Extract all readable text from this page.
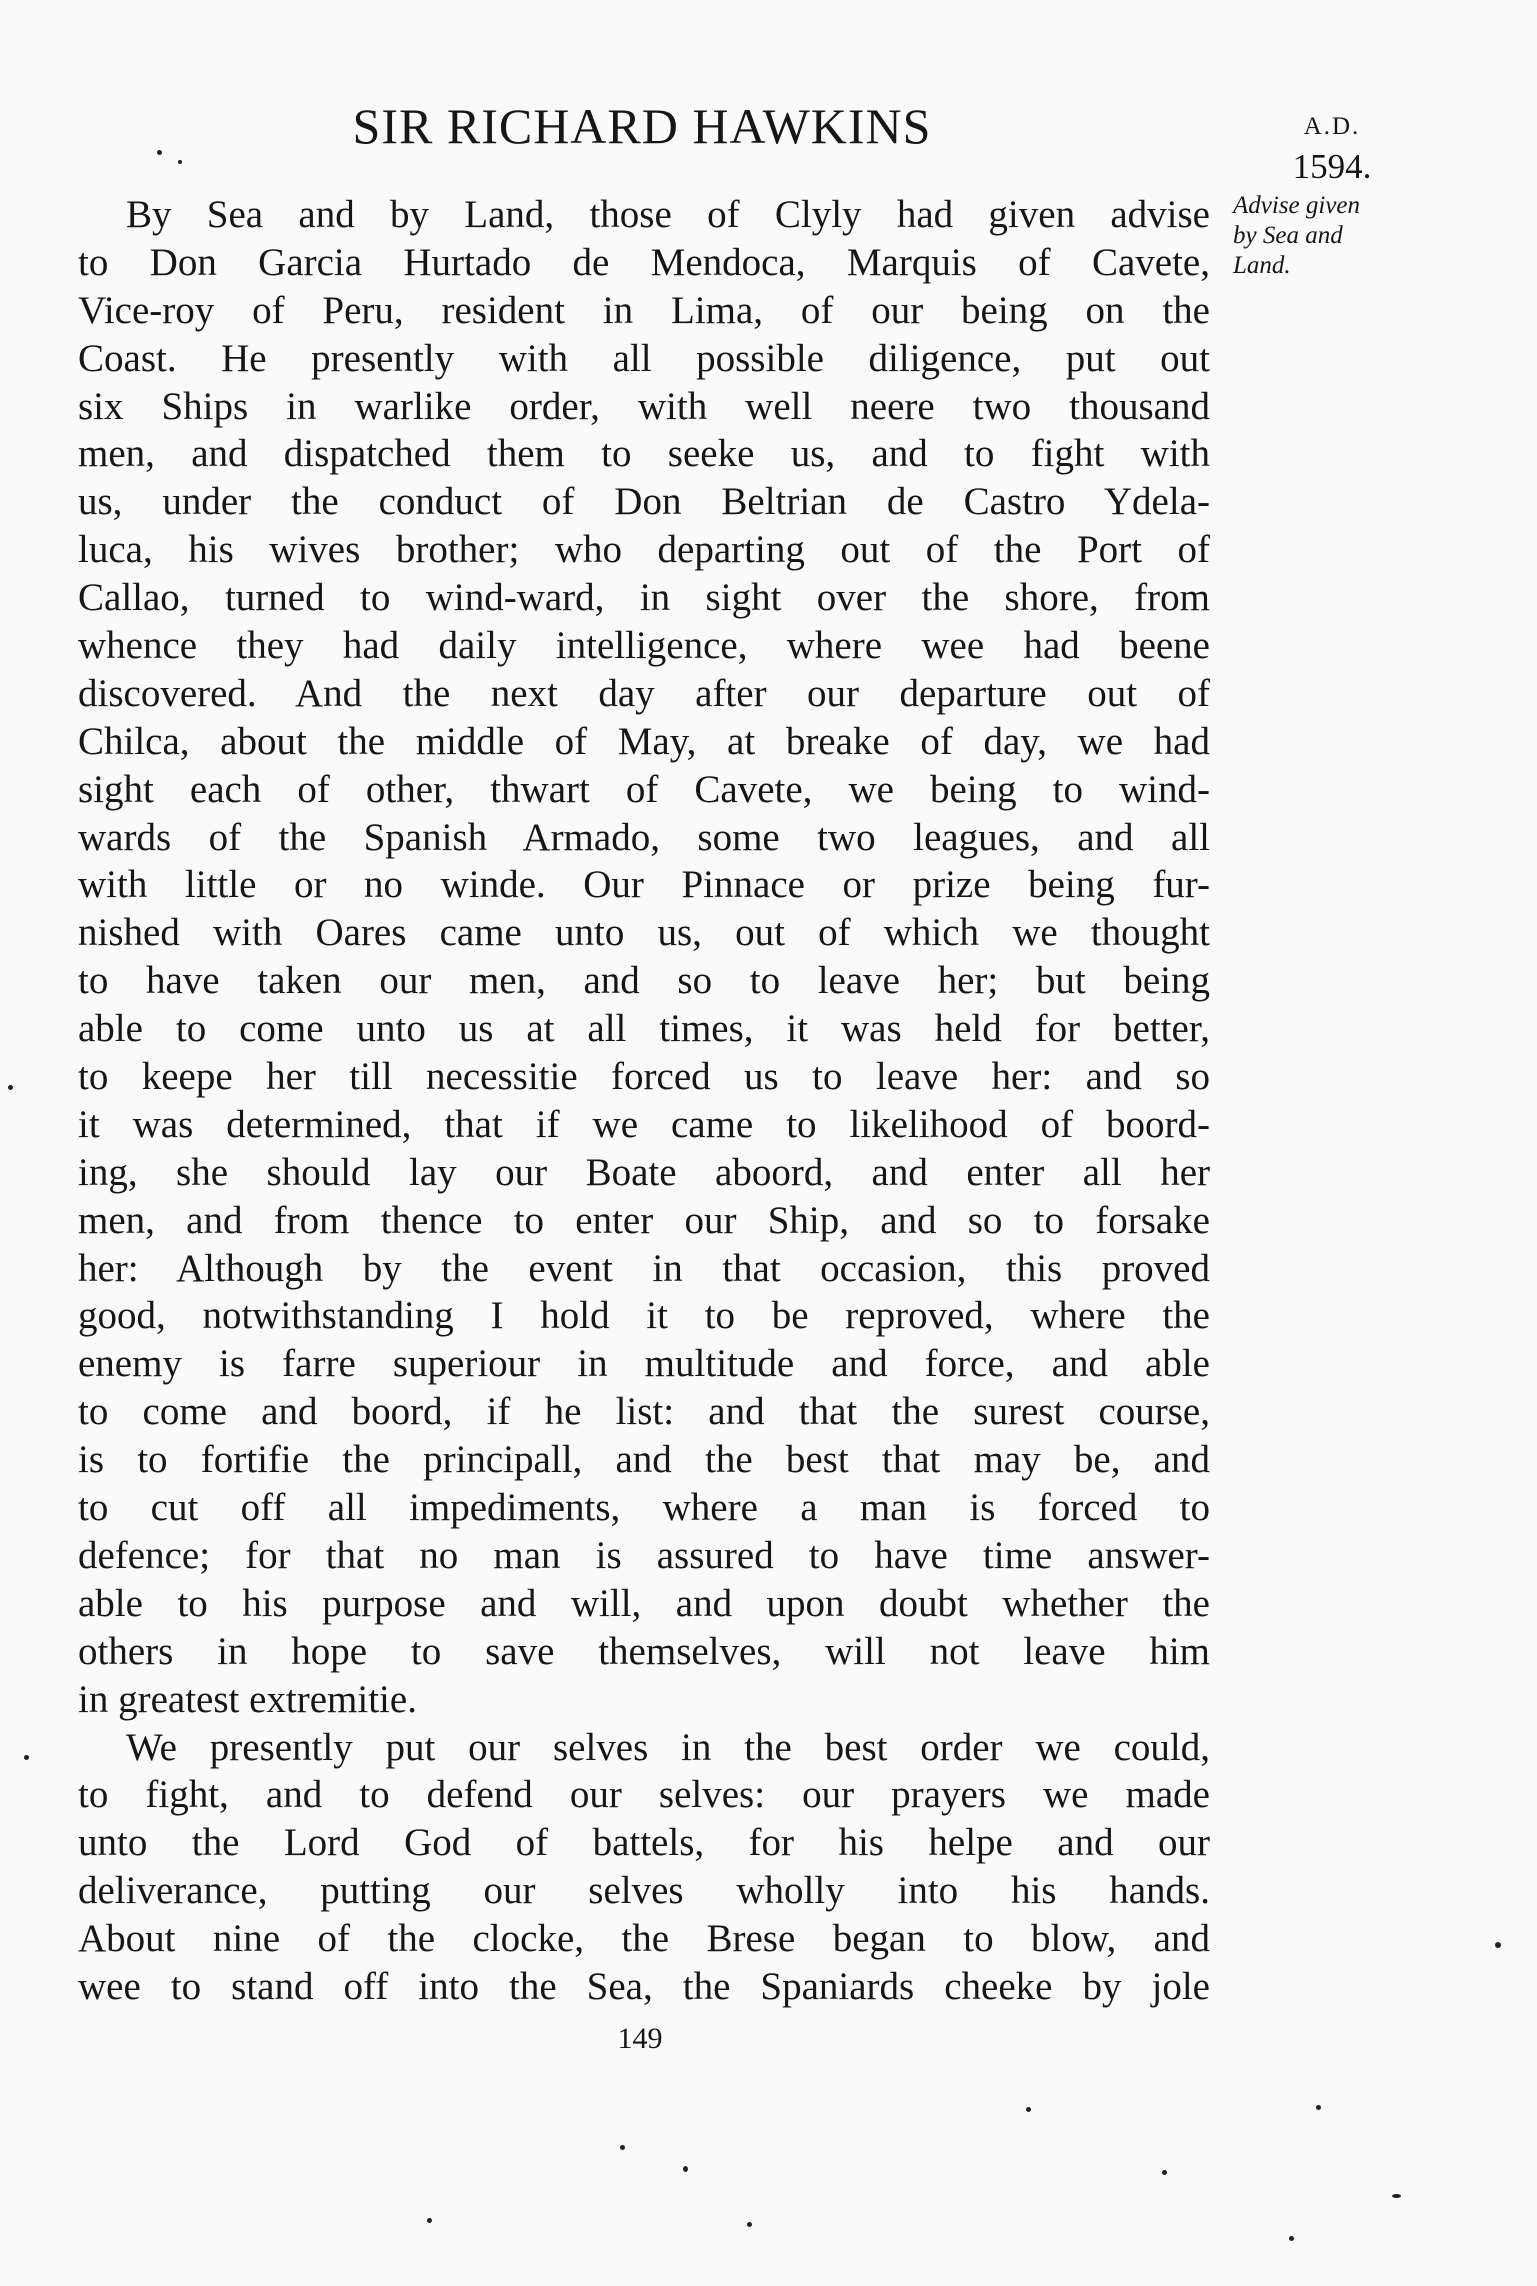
SIR RICHARD HAWKINS	A.D.
1594.
Advise given
by Sea and
Land.
By Sea and by Land, those of Clyly had given advise
to Don Garcia Hurtado de Mendoca, Marquis of Cavete,
Vice-roy of Peru, resident in Lima, of our being on the
Coast. He presently with all possible diligence, put out
six Ships in warlike order, with well neere two thousand
men, and dispatched them to seeke us, and to fight with
us, under the conduct of Don Beltrian de Castro Ydela-
luca, his wives brother; who departing out of the Port of
Callao, turned to wind-ward, in sight over the shore, from
whence they had daily intelligence, where wee had beene
discovered. And the next day after our departure out of
Chilca, about the middle of May, at breake of day, we had
sight each of other, thwart of Cavete, we being to wind-
wards of the Spanish Armado, some two leagues, and all
with little or no winde. Our Pinnace or prize being fur-
nished with Oares came unto us, out of which we thought
to have taken our men, and so to leave her; but being
able to come unto us at all times, it was held for better,
to keepe her till necessitie forced us to leave her: and so
it was determined, that if we came to likelihood of boord-
ing, she should lay our Boate aboord, and enter all her
men, and from thence to enter our Ship, and so to forsake
her: Although by the event in that occasion, this proved
good, notwithstanding I hold it to be reproved, where the
enemy is farre superiour in multitude and force, and able
to come and boord, if he list: and that the surest course,
is to fortifie the principall, and the best that may be, and
to cut off all impediments, where a man is forced to
defence; for that no man is assured to have time answer-
able to his purpose and will, and upon doubt whether the
others in hope to save themselves, will not leave him
in greatest extremitie.
We presently put our selves in the best order we could,
to fight, and to defend our selves: our prayers we made
unto the Lord God of battels, for his helpe and our
deliverance, putting our selves wholly into his hands.
About nine of the clocke, the Brese began to blow, and
wee to stand off into the Sea, the Spaniards cheeke by jole
149
